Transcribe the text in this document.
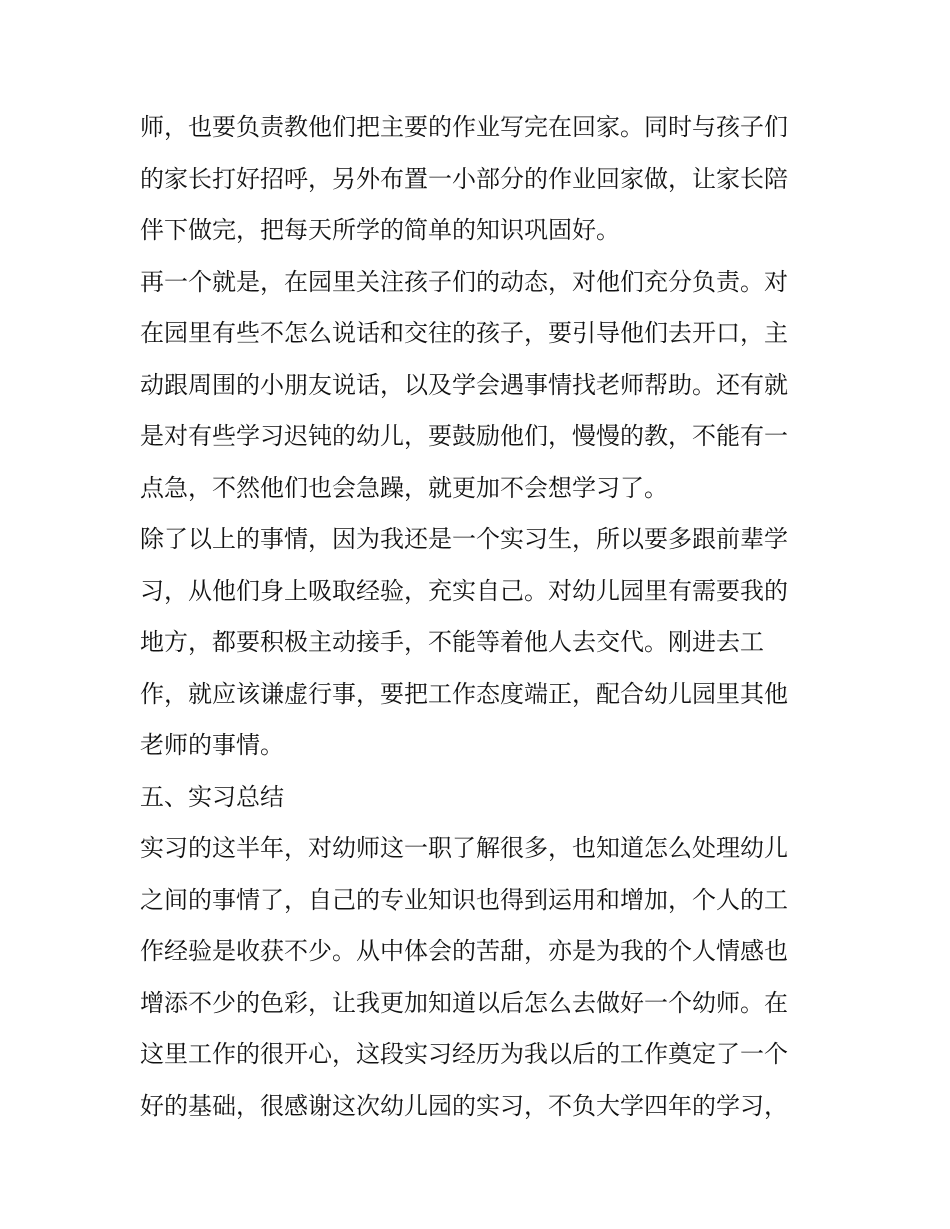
师，也要负责教他们把主要的作业写完在回家。同时与孩子们
的家长打好招呼，另外布置一小部分的作业回家做，让家长陪
伴下做完，把每天所学的简单的知识巩固好。
再一个就是，在园里关注孩子们的动态，对他们充分负责。对
在园里有些不怎么说话和交往的孩子，要引导他们去开口，主
动跟周围的小朋友说话，以及学会遇事情找老师帮助。还有就
是对有些学习迟钝的幼儿，要鼓励他们，慢慢的教，不能有一
点急，不然他们也会急躁，就更加不会想学习了。
除了以上的事情，因为我还是一个实习生，所以要多跟前辈学
习，从他们身上吸取经验，充实自己。对幼儿园里有需要我的
地方，都要积极主动接手，不能等着他人去交代。刚进去工
作，就应该谦虚行事，要把工作态度端正，配合幼儿园里其他
老师的事情。
五、实习总结
实习的这半年，对幼师这一职了解很多，也知道怎么处理幼儿
之间的事情了，自己的专业知识也得到运用和增加，个人的工
作经验是收获不少。从中体会的苦甜，亦是为我的个人情感也
增添不少的色彩，让我更加知道以后怎么去做好一个幼师。在
这里工作的很开心，这段实习经历为我以后的工作奠定了一个
好的基础，很感谢这次幼儿园的实习，不负大学四年的学习，
